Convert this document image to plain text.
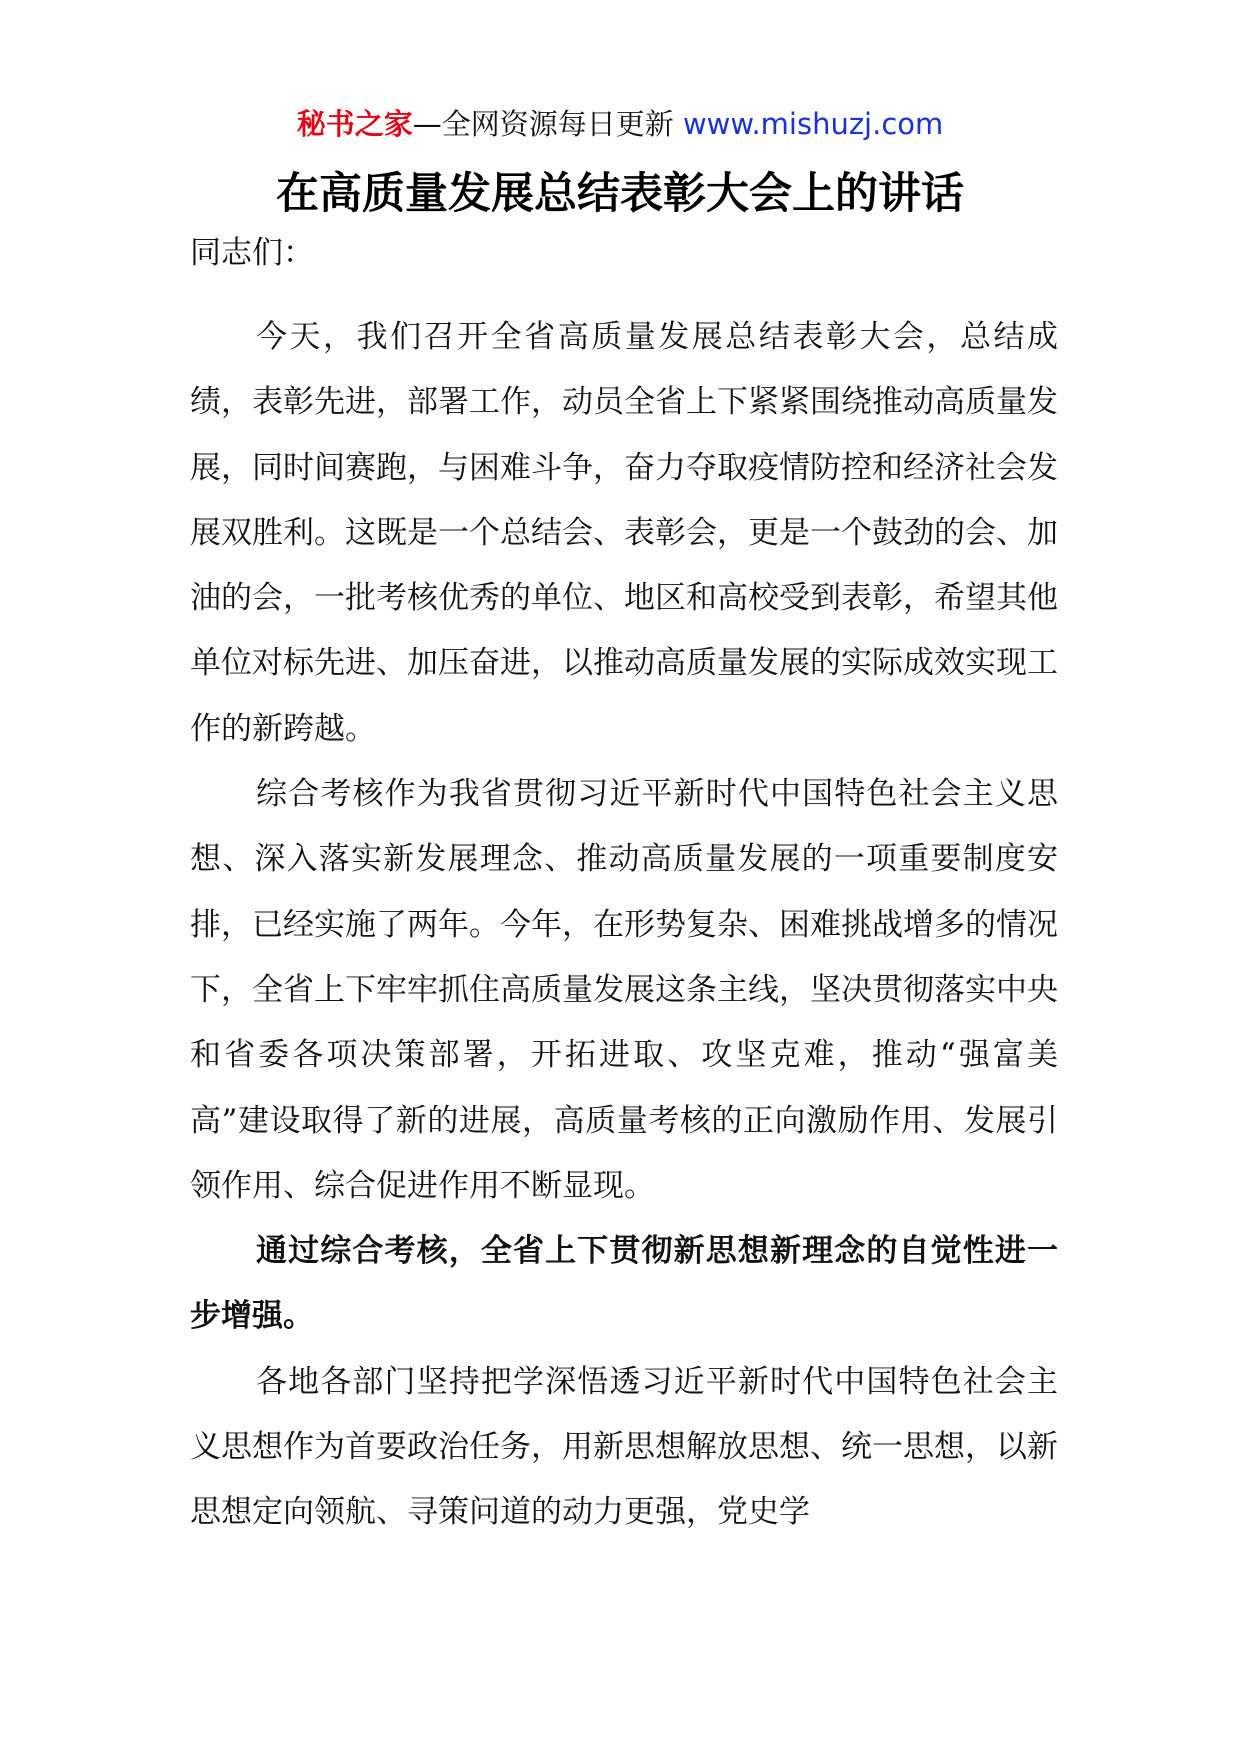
秘书之家—全网资源每日更新 www.mishuzj.com
在高质量发展总结表彰大会上的讲话

同志们：

今天，我们召开全省高质量发展总结表彰大会，总结成绩，表彰先进，部署工作，动员全省上下紧紧围绕推动高质量发展，同时间赛跑，与困难斗争，奋力夺取疫情防控和经济社会发展双胜利。这既是一个总结会、表彰会，更是一个鼓劲的会、加油的会，一批考核优秀的单位、地区和高校受到表彰，希望其他单位对标先进、加压奋进，以推动高质量发展的实际成效实现工作的新跨越。

综合考核作为我省贯彻习近平新时代中国特色社会主义思想、深入落实新发展理念、推动高质量发展的一项重要制度安排，已经实施了两年。今年，在形势复杂、困难挑战增多的情况下，全省上下牢牢抓住高质量发展这条主线，坚决贯彻落实中央和省委各项决策部署，开拓进取、攻坚克难，推动“强富美高”建设取得了新的进展，高质量考核的正向激励作用、发展引领作用、综合促进作用不断显现。

通过综合考核，全省上下贯彻新思想新理念的自觉性进一步增强。

各地各部门坚持把学深悟透习近平新时代中国特色社会主义思想作为首要政治任务，用新思想解放思想、统一思想，以新思想定向领航、寻策问道的动力更强，党史学
